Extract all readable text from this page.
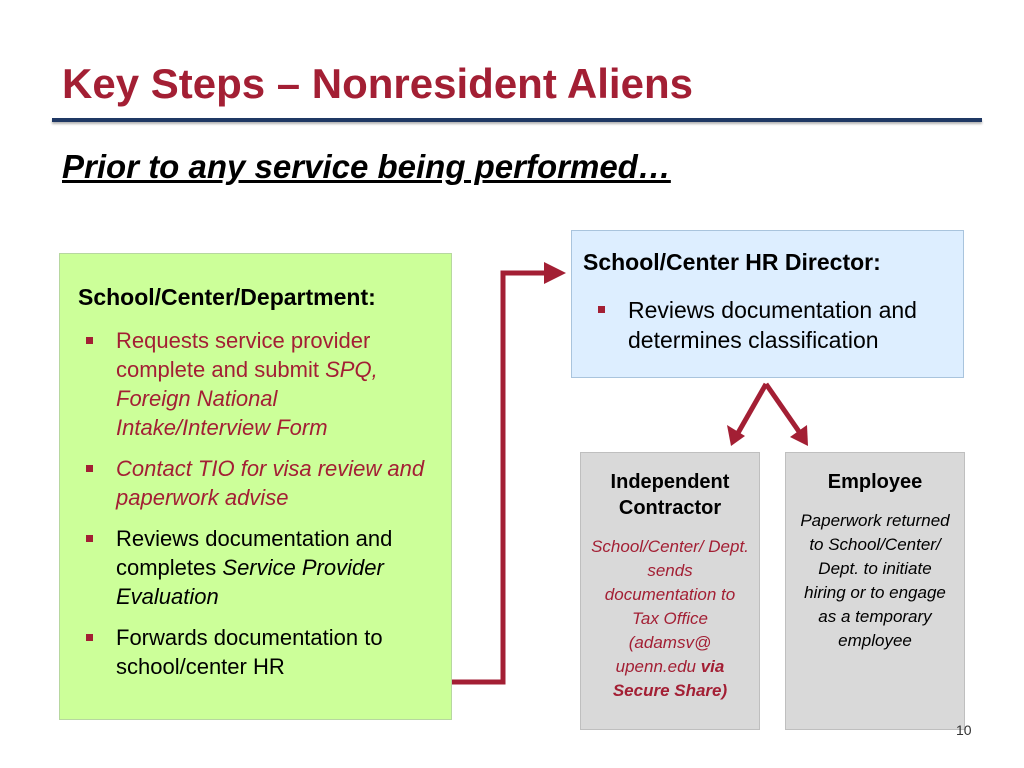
Key Steps – Nonresident Aliens
Prior to any service being performed…
School/Center/Department:
Requests service provider complete and submit SPQ, Foreign National Intake/Interview Form
Contact TIO for visa review and paperwork advise
Reviews documentation and completes Service Provider Evaluation
Forwards documentation to school/center HR
School/Center HR Director:
Reviews documentation and determines classification
Independent Contractor
School/Center/ Dept. sends documentation to Tax Office (adamsv@ upenn.edu via Secure Share)
Employee
Paperwork returned to School/Center/ Dept. to initiate hiring or to engage as a temporary employee
10
